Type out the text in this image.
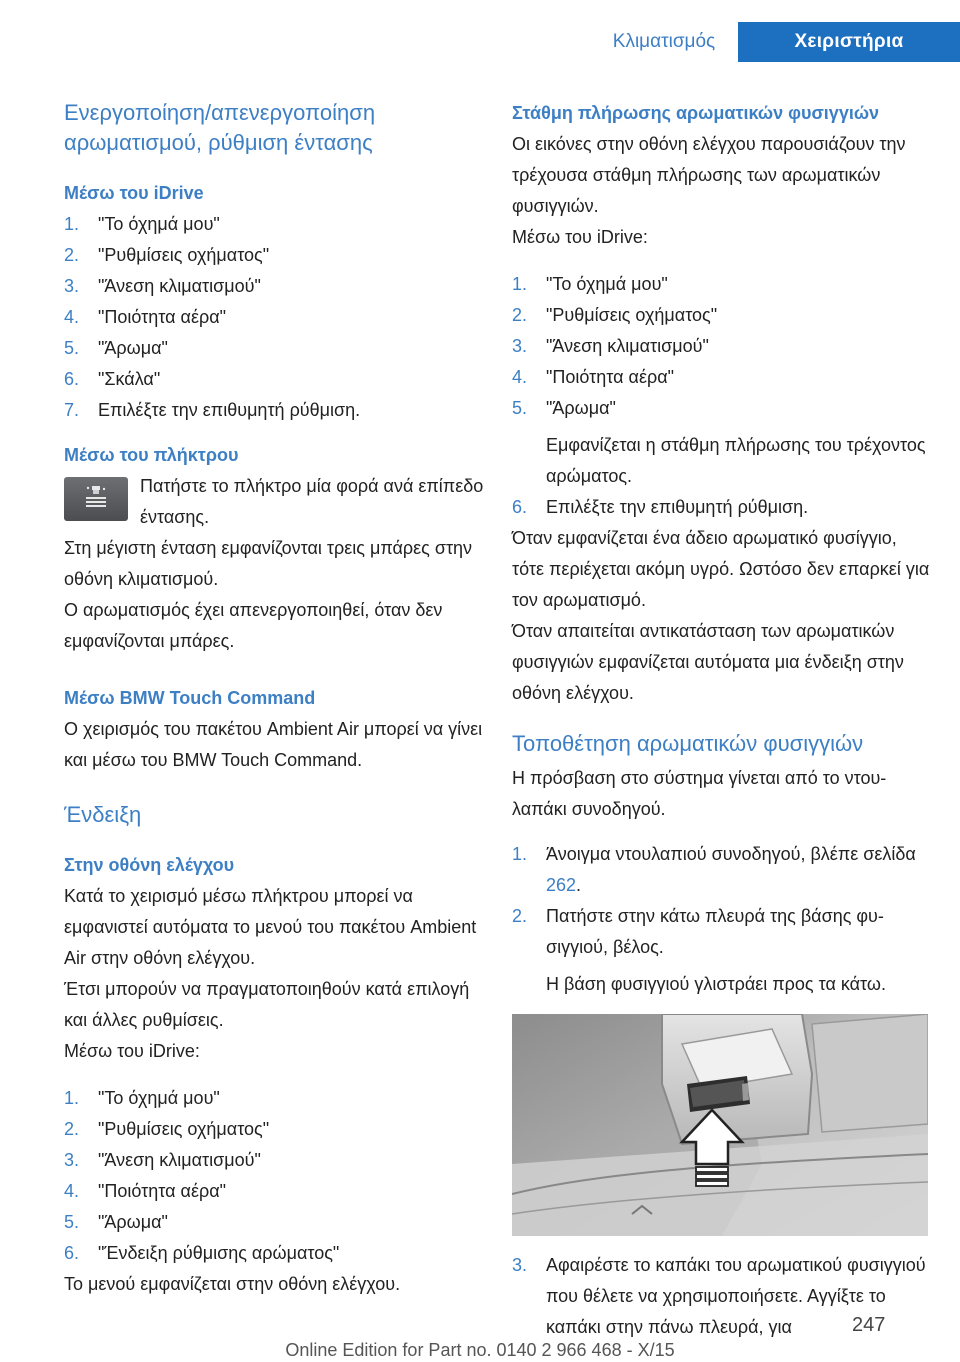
Κλιματισμός	Χειριστήρια
Ενεργοποίηση/απενεργοποίηση αρωματισμού, ρύθμιση έντασης
Μέσω του iDrive
1. "Το όχημά μου"
2. "Ρυθμίσεις οχήματος"
3. "Άνεση κλιματισμού"
4. "Ποιότητα αέρα"
5. "Άρωμα"
6. "Σκάλα"
7. Επιλέξτε την επιθυμητή ρύθμιση.
Μέσω του πλήκτρου

Πατήστε το πλήκτρο μία φορά ανά επίπεδο έντασης.

Στη μέγιστη ένταση εμφανίζονται τρεις μπάρες στην οθόνη κλιματισμού.

Ο αρωματισμός έχει απενεργοποιηθεί, όταν δεν εμφανίζονται μπάρες.

Μέσω BMW Touch Command

Ο χειρισμός του πακέτου Ambient Air μπορεί να γίνει και μέσω του BMW Touch Command.

Ένδειξη
Στην οθόνη ελέγχου

Κατά το χειρισμό μέσω πλήκτρου μπορεί να εμφανιστεί αυτόματα το μενού του πακέτου Ambient Air στην οθόνη ελέγχου.

Έτσι μπορούν να πραγματοποιηθούν κατά επιλογή και άλλες ρυθμίσεις.

Μέσω του iDrive:

1. "Το όχημά μου"
2. "Ρυθμίσεις οχήματος"
3. "Άνεση κλιματισμού"
4. "Ποιότητα αέρα"
5. "Άρωμα"
6. "Ένδειξη ρύθμισης αρώματος"

Το μενού εμφανίζεται στην οθόνη ελέγχου.

Στάθμη πλήρωσης αρωματικών φυσιγγιών

Οι εικόνες στην οθόνη ελέγχου παρουσιάζουν την τρέχουσα στάθμη πλήρωσης των αρωματικών φυσιγγιών.

Μέσω του iDrive:

1. "Το όχημά μου"
2. "Ρυθμίσεις οχήματος"
3. "Άνεση κλιματισμού"
4. "Ποιότητα αέρα"
5. "Άρωμα"
Εμφανίζεται η στάθμη πλήρωσης του τρέχοντος αρώματος.
6. Επιλέξτε την επιθυμητή ρύθμιση.

Όταν εμφανίζεται ένα άδειο αρωματικό φυσίγγιο, τότε περιέχεται ακόμη υγρό. Ωστόσο δεν επαρκεί για τον αρωματισμό.

Όταν απαιτείται αντικατάσταση των αρωματικών φυσιγγιών εμφανίζεται αυτόματα μια ένδειξη στην οθόνη ελέγχου.

Τοποθέτηση αρωματικών φυσιγγιών

Η πρόσβαση στο σύστημα γίνεται από το ντουλαπάκι συνοδηγού.

1. Άνοιγμα ντουλαπιού συνοδηγού, βλέπε σελίδα 262.
2. Πατήστε στην κάτω πλευρά της βάσης φυσιγγιού, βέλος.
Η βάση φυσιγγιού γλιστράει προς τα κάτω.
3. Αφαιρέστε το καπάκι του αρωματικού φυσιγγιού που θέλετε να χρησιμοποιήσετε. Αγγίξτε το καπάκι στην πάνω πλευρά, για	247
Online Edition for Part no. 0140 2 966 468 - X/15
